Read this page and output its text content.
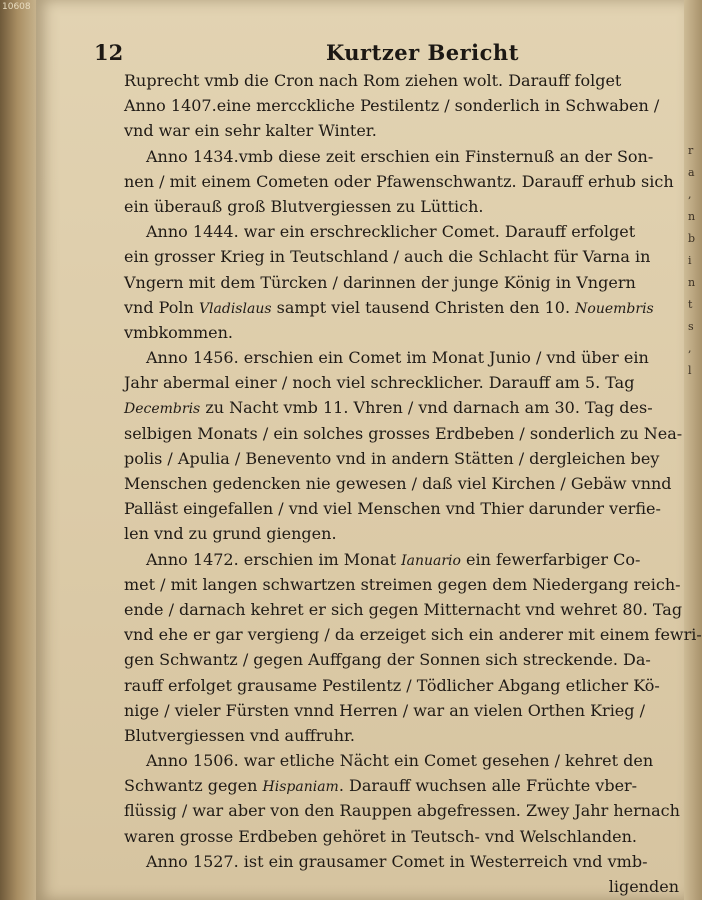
r
a
,
n
b
i
n
t
s
,
l
10608
12	Kurtzer Bericht
Ruprecht vmb die Cron nach Rom ziehen wolt. Darauff folget
Anno 1407.eine mercckliche Pestilentz / sonderlich in Schwaben /
vnd war ein sehr kalter Winter.
Anno 1434.vmb diese zeit erschien ein Finsternuß an der Son-
nen / mit einem Cometen oder Pfawenschwantz. Darauff erhub sich
ein überauß groß Blutvergiessen zu Lüttich.
Anno 1444. war ein erschrecklicher Comet. Darauff erfolget
ein grosser Krieg in Teutschland / auch die Schlacht für Varna in
Vngern mit dem Türcken / darinnen der junge König in Vngern
vnd Poln Vladislaus sampt viel tausend Christen den 10. Nouembris
vmbkommen.
Anno 1456. erschien ein Comet im Monat Junio / vnd über ein
Jahr abermal einer / noch viel schrecklicher. Darauff am 5. Tag
Decembris zu Nacht vmb 11. Vhren / vnd darnach am 30. Tag des-
selbigen Monats / ein solches grosses Erdbeben / sonderlich zu Nea-
polis / Apulia / Benevento vnd in andern Stätten / dergleichen bey
Menschen gedencken nie gewesen / daß viel Kirchen / Gebäw vnnd
Palläst eingefallen / vnd viel Menschen vnd Thier darunder verfie-
len vnd zu grund giengen.
Anno 1472. erschien im Monat Ianuario ein fewerfarbiger Co-
met / mit langen schwartzen streimen gegen dem Niedergang reich-
ende / darnach kehret er sich gegen Mitternacht vnd wehret 80. Tag
vnd ehe er gar vergieng / da erzeiget sich ein anderer mit einem fewri-
gen Schwantz / gegen Auffgang der Sonnen sich streckende. Da-
rauff erfolget grausame Pestilentz / Tödlicher Abgang etlicher Kö-
nige / vieler Fürsten vnnd Herren / war an vielen Orthen Krieg /
Blutvergiessen vnd auffruhr.
Anno 1506. war etliche Nächt ein Comet gesehen / kehret den
Schwantz gegen Hispaniam. Darauff wuchsen alle Früchte vber-
flüssig / war aber von den Rauppen abgefressen. Zwey Jahr hernach
waren grosse Erdbeben gehöret in Teutsch- vnd Welschlanden.
Anno 1527. ist ein grausamer Comet in Westerreich vnd vmb-
ligenden
